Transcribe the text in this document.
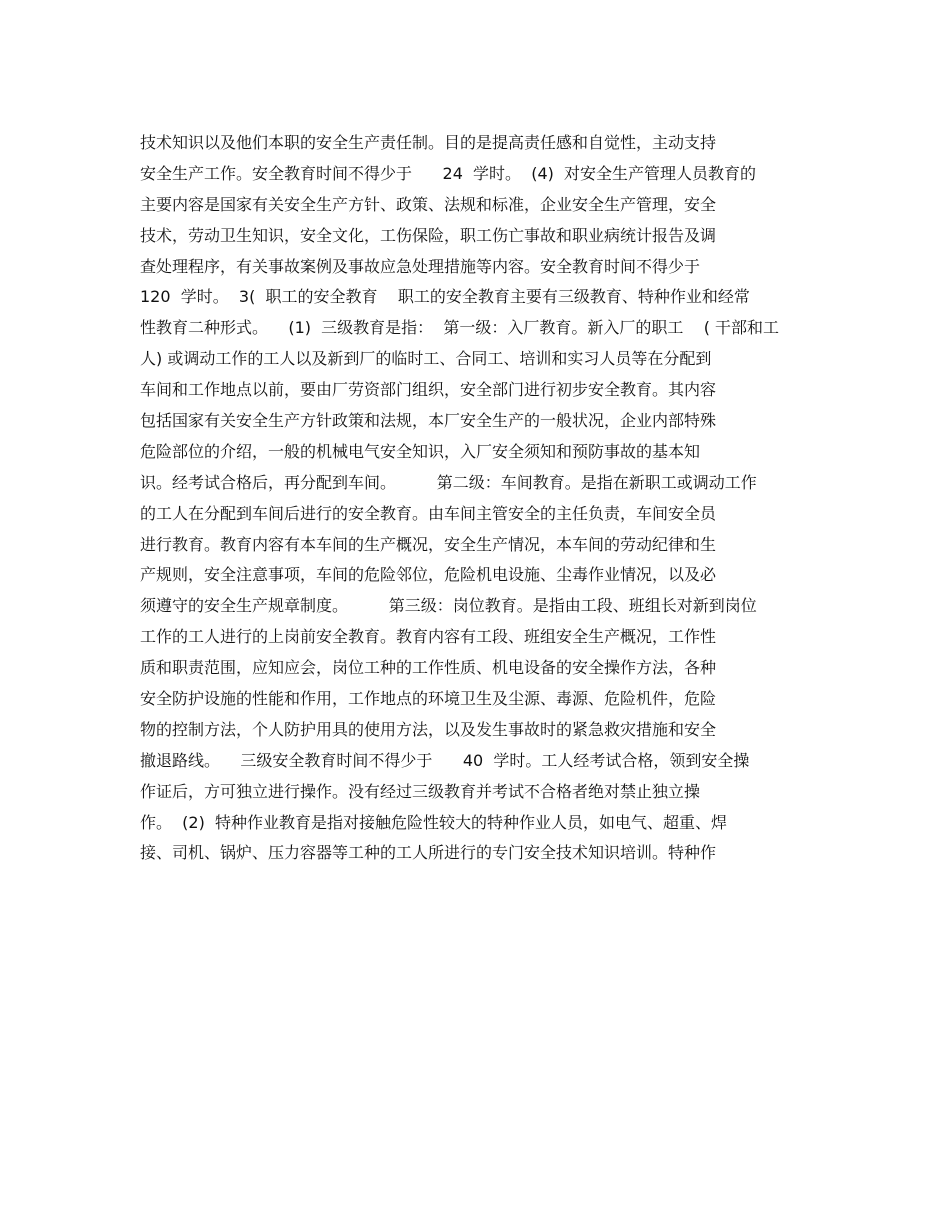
技术知识以及他们本职的安全生产责任制。目的是提高责任感和自觉性，主动支持
安全生产工作。安全教育时间不得少于      24  学时。  (4)  对安全生产管理人员教育的
主要内容是国家有关安全生产方针、政策、法规和标准，企业安全生产管理，安全
技术，劳动卫生知识，安全文化，工伤保险，职工伤亡事故和职业病统计报告及调
查处理程序，有关事故案例及事故应急处理措施等内容。安全教育时间不得少于
120  学时。  3(  职工的安全教育    职工的安全教育主要有三级教育、特种作业和经常
性教育二种形式。    (1)  三级教育是指：  第一级：入厂教育。新入厂的职工    ( 干部和工
人) 或调动工作的工人以及新到厂的临时工、合同工、培训和实习人员等在分配到
车间和工作地点以前，要由厂劳资部门组织，安全部门进行初步安全教育。其内容
包括国家有关安全生产方针政策和法规，本厂安全生产的一般状况，企业内部特殊
危险部位的介绍，一般的机械电气安全知识，入厂安全须知和预防事故的基本知
识。经考试合格后，再分配到车间。        第二级：车间教育。是指在新职工或调动工作
的工人在分配到车间后进行的安全教育。由车间主管安全的主任负责，车间安全员
进行教育。教育内容有本车间的生产概况，安全生产情况，本车间的劳动纪律和生
产规则，安全注意事项，车间的危险邻位，危险机电设施、尘毒作业情况，以及必
须遵守的安全生产规章制度。        第三级：岗位教育。是指由工段、班组长对新到岗位
工作的工人进行的上岗前安全教育。教育内容有工段、班组安全生产概况，工作性
质和职责范围，应知应会，岗位工种的工作性质、机电设备的安全操作方法，各种
安全防护设施的性能和作用，工作地点的环境卫生及尘源、毒源、危险机件，危险
物的控制方法，个人防护用具的使用方法，以及发生事故时的紧急救灾措施和安全
撤退路线。    三级安全教育时间不得少于      40  学时。工人经考试合格，领到安全操
作证后，方可独立进行操作。没有经过三级教育并考试不合格者绝对禁止独立操
作。  (2)  特种作业教育是指对接触危险性较大的特种作业人员，如电气、超重、焊
接、司机、锅炉、压力容器等工种的工人所进行的专门安全技术知识培训。特种作
